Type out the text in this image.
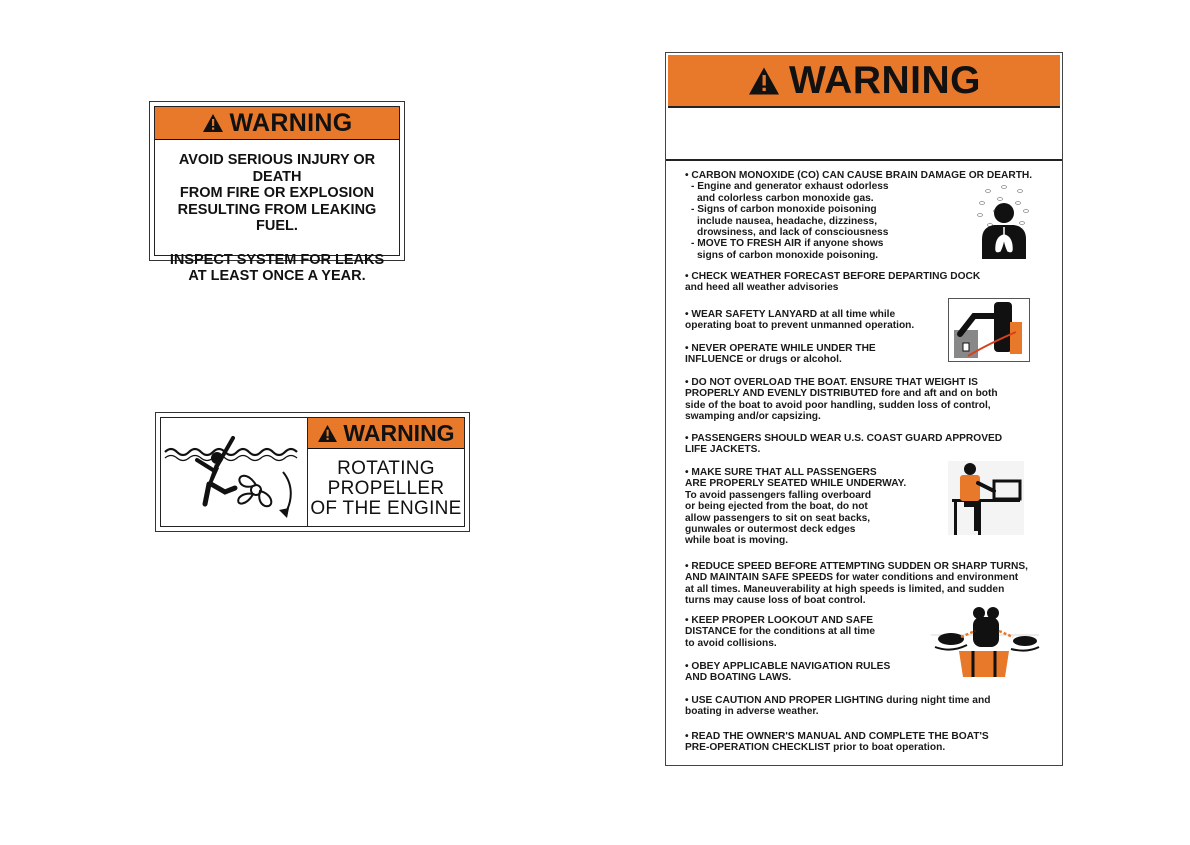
WARNING
AVOID SERIOUS INJURY OR DEATH
FROM FIRE OR EXPLOSION
RESULTING FROM LEAKING FUEL.
INSPECT SYSTEM FOR LEAKS
AT LEAST ONCE A YEAR.
WARNING
ROTATING
PROPELLER
OF THE ENGINE
WARNING
• CARBON MONOXIDE (CO) CAN CAUSE BRAIN DAMAGE OR DEARTH.
- Engine and generator exhaust odorless
and colorless carbon monoxide gas.
- Signs of carbon monoxide poisoning
include nausea, headache, dizziness,
drowsiness, and lack of consciousness
- MOVE TO FRESH AIR if anyone shows
signs of carbon monoxide poisoning.
• CHECK WEATHER FORECAST BEFORE DEPARTING DOCK
and heed all weather advisories
• WEAR SAFETY LANYARD at all time while
operating boat to prevent unmanned operation.
• NEVER OPERATE WHILE UNDER THE
INFLUENCE or drugs or alcohol.
• DO NOT OVERLOAD THE BOAT. ENSURE THAT WEIGHT IS
PROPERLY AND EVENLY DISTRIBUTED fore and aft and on both
side of the boat to avoid poor handling, sudden loss of control,
swamping and/or capsizing.
• PASSENGERS SHOULD WEAR U.S. COAST GUARD APPROVED
LIFE JACKETS.
• MAKE SURE THAT ALL PASSENGERS
ARE PROPERLY SEATED WHILE UNDERWAY.
To avoid passengers falling overboard
or being ejected from the boat, do not
allow passengers to sit on seat backs,
gunwales or outermost deck edges
while boat is moving.
• REDUCE SPEED BEFORE ATTEMPTING SUDDEN OR SHARP TURNS,
AND MAINTAIN SAFE SPEEDS for water conditions and environment
at all times. Maneuverability at high speeds is limited, and sudden
turns may cause loss of boat control.
• KEEP PROPER LOOKOUT AND SAFE
DISTANCE for the conditions at all time
to avoid collisions.
• OBEY APPLICABLE NAVIGATION RULES
AND BOATING LAWS.
• USE CAUTION AND PROPER LIGHTING during night time and
boating in adverse weather.
• READ THE OWNER'S MANUAL AND COMPLETE THE BOAT'S
PRE-OPERATION CHECKLIST prior to boat operation.
